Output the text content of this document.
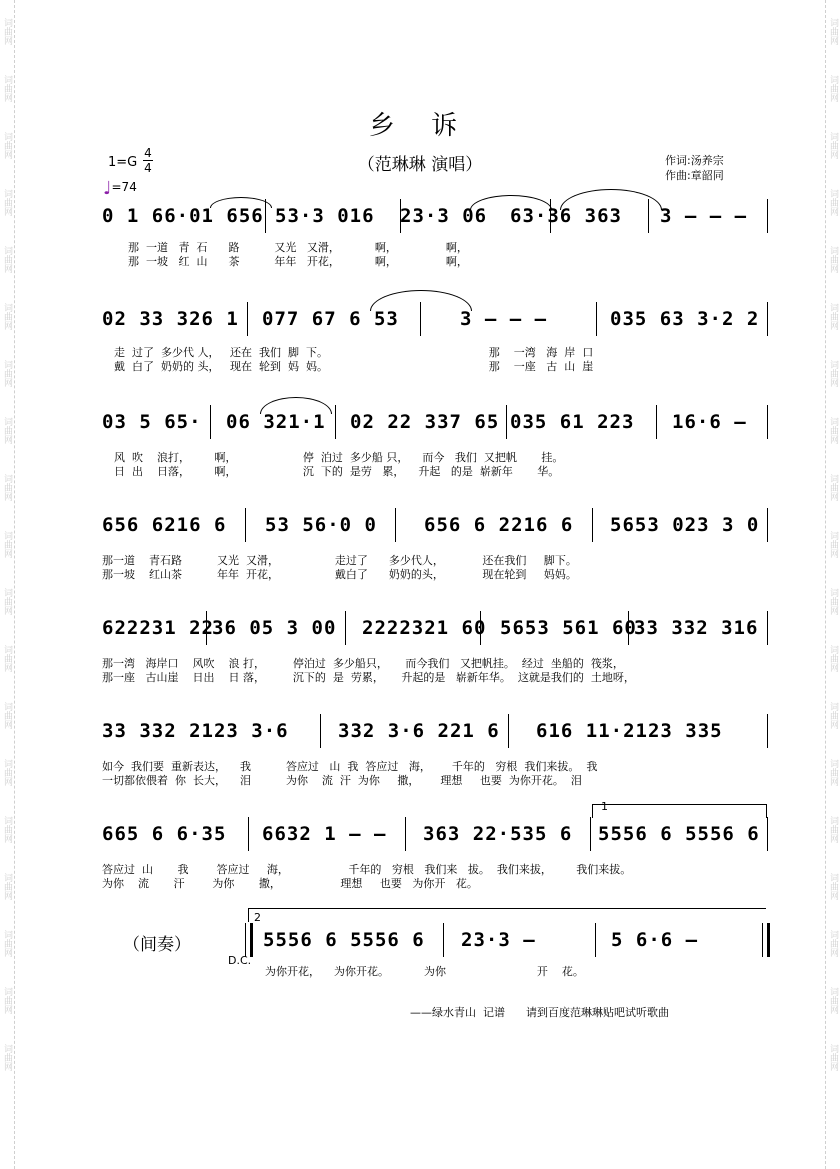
词曲网
词曲网
词曲网
词曲网
词曲网
词曲网
词曲网
词曲网
词曲网
词曲网
词曲网
词曲网
词曲网
词曲网
词曲网
词曲网
词曲网
词曲网
词曲网
词曲网
词曲网
词曲网
词曲网
词曲网
词曲网
词曲网
词曲网
词曲网
词曲网
词曲网
词曲网
词曲网
词曲网
词曲网
词曲网
词曲网
词曲网
词曲网
乡 诉
（范琳琳 演唱）	作词:汤养宗
作曲:章韶同
1=G
4
4
♩=74
0 1 66·01 656 53·3 016 23·3 06 63·36 363 3 – – –
那  一道   青  石      路          又光   又滑，          啊，              啊，
那  一坡   红  山      茶          年年   开花，          啊，              啊，
02 33 326 1 077 67 6 53	3 – – –	035 63 3·2 2
走  过了  多少代 人，   还在  我们  脚  下。                                              那    一湾   海  岸  口
戴  白了  奶奶的 头，   现在  轮到  妈  妈。                                              那    一座   古  山  崖
03 5 65· 06 321·1 02 22 337 65 035 61 223 16·6 –
风  吹    浪打，       啊，                   停  泊过  多少船 只，    而今   我们  又把帆       挂。
日  出    日落，       啊，                   沉  下的  是劳   累，    升起   的是  崭新年       华。
656 6216 6 53 56·0 0 656 6 2216 6 5653 023 3 0
那一道    青石路          又光  又滑，                走过了      多少代人，           还在我们     脚下。
那一坡    红山茶          年年  开花，                戴白了      奶奶的头，           现在轮到     妈妈。
622231 22
36 05 3 00 2222321 60 5653 561 60
33 332 316
那一湾   海岸口    风吹    浪 打，        停泊过  多少船只，     而今我们   又把帆挂。  经过  坐船的  筏浆，
那一座   古山崖    日出    日 落，        沉下的  是  劳累，     升起的是   崭新年华。  这就是我们的  土地呀，
33 332 2123 3·6	332 3·6 221 6 616 11·2123 335
如今  我们要  重新表达，    我          答应过   山  我  答应过   海，      千年的   穷根  我们来拔。  我
一切都依偎着  你  长大，    泪          为你    流  汗  为你     撒，      理想     也要  为你开花。  泪
665 6 6·35 6632 1 – – 363 22·535 6 5556 6 5556 6
答应过  山       我        答应过     海，                 千年的   穷根   我们来   拔。  我们来拔，       我们来拔。
为你    流       汗        为你       撒，                 理想     也要   为你开   花。
1
（间奏）
D.C.
2
5556 6 5556 6 23·3 –	5 6·6 –
为你开花，    为你开花。          为你                          开    花。
——绿水青山  记谱      请到百度范琳琳贴吧试听歌曲
